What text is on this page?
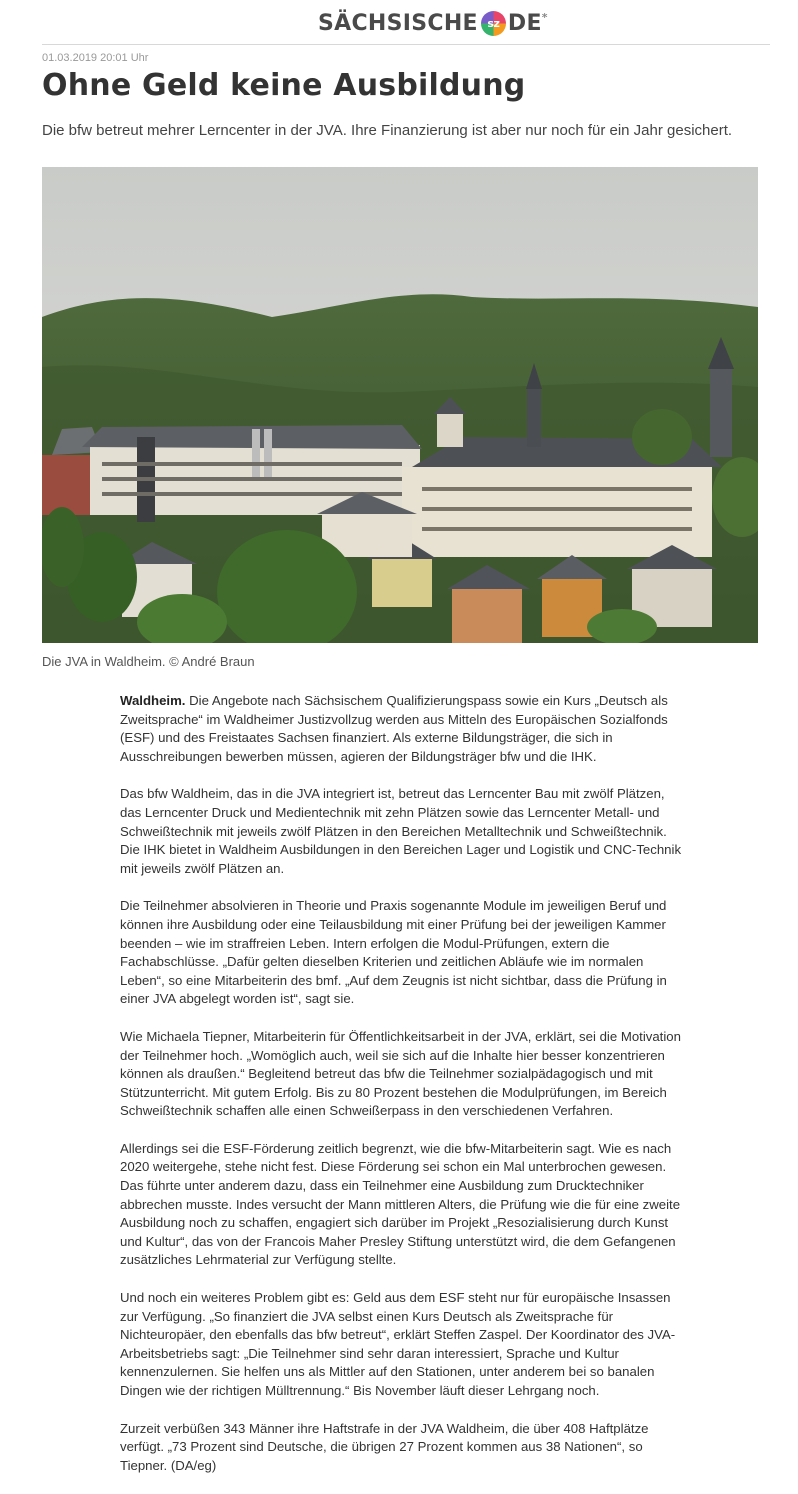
SÄCHSISCHE sz DE *
01.03.2019 20:01 Uhr
Ohne Geld keine Ausbildung
Die bfw betreut mehrer Lerncenter in der JVA. Ihre Finanzierung ist aber nur noch für ein Jahr gesichert.
Die JVA in Waldheim. © André Braun

Waldheim. Die Angebote nach Sächsischem Qualifizierungspass sowie ein Kurs „Deutsch als Zweitsprache“ im Waldheimer Justizvollzug werden aus Mitteln des Europäischen Sozialfonds (ESF) und des Freistaates Sachsen finanziert. Als externe Bildungsträger, die sich in Ausschreibungen bewerben müssen, agieren der Bildungsträger bfw und die IHK.

Das bfw Waldheim, das in die JVA integriert ist, betreut das Lerncenter Bau mit zwölf Plätzen, das Lerncenter Druck und Medientechnik mit zehn Plätzen sowie das Lerncenter Metall- und Schweißtechnik mit jeweils zwölf Plätzen in den Bereichen Metalltechnik und Schweißtechnik. Die IHK bietet in Waldheim Ausbildungen in den Bereichen Lager und Logistik und CNC-Technik mit jeweils zwölf Plätzen an.

Die Teilnehmer absolvieren in Theorie und Praxis sogenannte Module im jeweiligen Beruf und können ihre Ausbildung oder eine Teilausbildung mit einer Prüfung bei der jeweiligen Kammer beenden – wie im straffreien Leben. Intern erfolgen die Modul-Prüfungen, extern die Fachabschlüsse. „Dafür gelten dieselben Kriterien und zeitlichen Abläufe wie im normalen Leben“, so eine Mitarbeiterin des bmf. „Auf dem Zeugnis ist nicht sichtbar, dass die Prüfung in einer JVA abgelegt worden ist“, sagt sie.

Wie Michaela Tiepner, Mitarbeiterin für Öffentlichkeitsarbeit in der JVA, erklärt, sei die Motivation der Teilnehmer hoch. „Womöglich auch, weil sie sich auf die Inhalte hier besser konzentrieren können als draußen.“ Begleitend betreut das bfw die Teilnehmer sozialpädagogisch und mit Stützunterricht. Mit gutem Erfolg. Bis zu 80 Prozent bestehen die Modulprüfungen, im Bereich Schweißtechnik schaffen alle einen Schweißerpass in den verschiedenen Verfahren.

Allerdings sei die ESF-Förderung zeitlich begrenzt, wie die bfw-Mitarbeiterin sagt. Wie es nach 2020 weitergehe, stehe nicht fest. Diese Förderung sei schon ein Mal unterbrochen gewesen. Das führte unter anderem dazu, dass ein Teilnehmer eine Ausbildung zum Drucktechniker abbrechen musste. Indes versucht der Mann mittleren Alters, die Prüfung wie die für eine zweite Ausbildung noch zu schaffen, engagiert sich darüber im Projekt „Resozialisierung durch Kunst und Kultur“, das von der Francois Maher Presley Stiftung unterstützt wird, die dem Gefangenen zusätzliches Lehrmaterial zur Verfügung stellte.

Und noch ein weiteres Problem gibt es: Geld aus dem ESF steht nur für europäische Insassen zur Verfügung. „So finanziert die JVA selbst einen Kurs Deutsch als Zweitsprache für Nichteuropäer, den ebenfalls das bfw betreut“, erklärt Steffen Zaspel. Der Koordinator des JVA-Arbeitsbetriebs sagt: „Die Teilnehmer sind sehr daran interessiert, Sprache und Kultur kennenzulernen. Sie helfen uns als Mittler auf den Stationen, unter anderem bei so banalen Dingen wie der richtigen Mülltrennung.“ Bis November läuft dieser Lehrgang noch.

Zurzeit verbüßen 343 Männer ihre Haftstrafe in der JVA Waldheim, die über 408 Haftplätze verfügt. „73 Prozent sind Deutsche, die übrigen 27 Prozent kommen aus 38 Nationen“, so Tiepner. (DA/eg)
